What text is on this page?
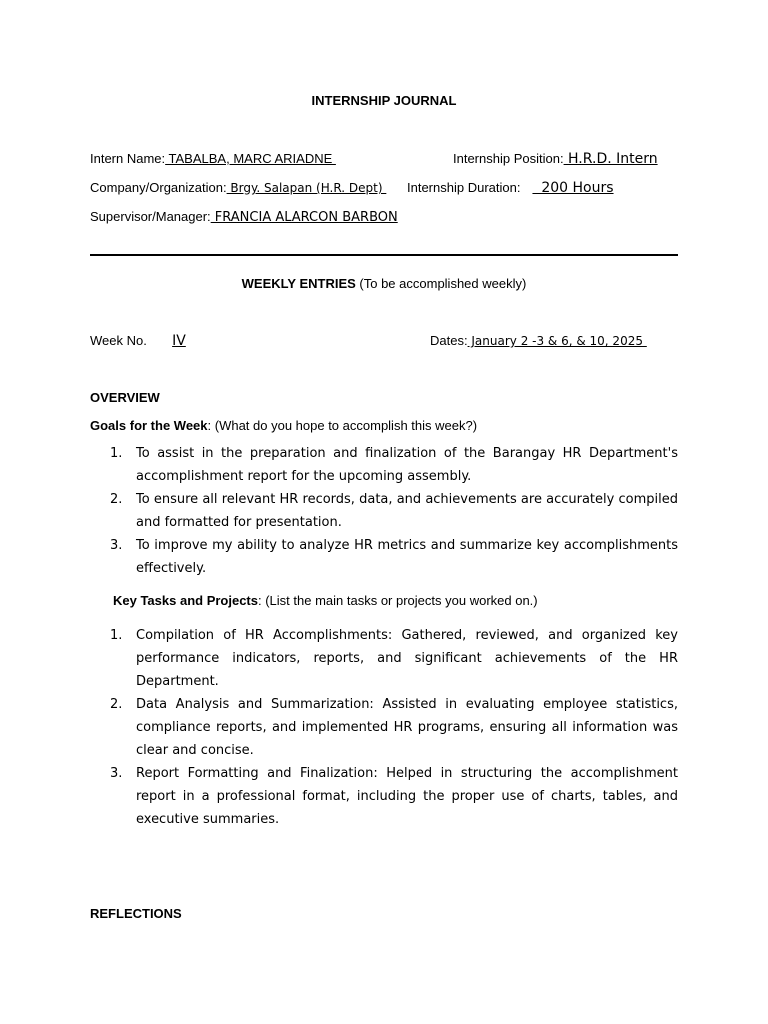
INTERNSHIP JOURNAL
Intern Name: TABALBA, MARC ARIADNE	Internship Position: H.R.D. Intern
Company/Organization: Brgy. Salapan (H.R. Dept) Internship Duration:  200 Hours
Supervisor/Manager: FRANCIA ALARCON BARBON
WEEKLY ENTRIES (To be accomplished weekly)
Week No. IV	Dates: January 2 -3 & 6, & 10, 2025
OVERVIEW
Goals for the Week: (What do you hope to accomplish this week?)
1. To assist in the preparation and finalization of the Barangay HR Department's accomplishment report for the upcoming assembly.
2. To ensure all relevant HR records, data, and achievements are accurately compiled and formatted for presentation.
3. To improve my ability to analyze HR metrics and summarize key accomplishments effectively.
Key Tasks and Projects: (List the main tasks or projects you worked on.)
1. Compilation of HR Accomplishments: Gathered, reviewed, and organized key performance indicators, reports, and significant achievements of the HR Department.
2. Data Analysis and Summarization: Assisted in evaluating employee statistics, compliance reports, and implemented HR programs, ensuring all information was clear and concise.
3. Report Formatting and Finalization: Helped in structuring the accomplishment report in a professional format, including the proper use of charts, tables, and executive summaries.
REFLECTIONS
